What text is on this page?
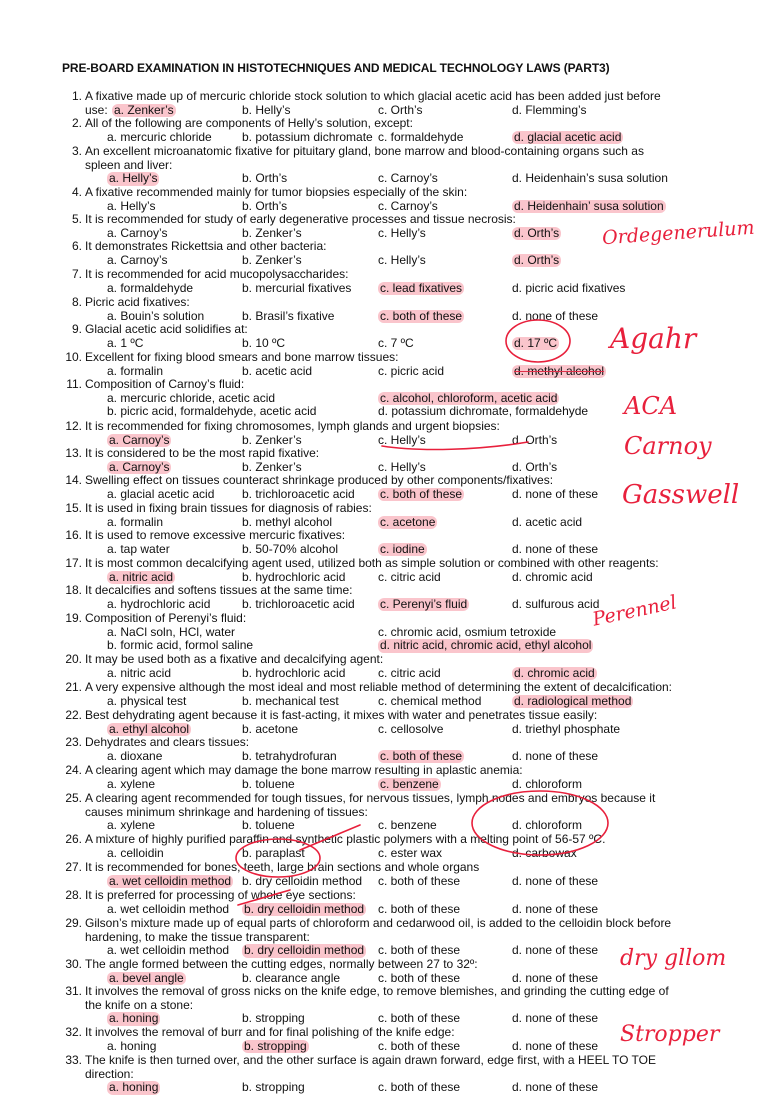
PRE-BOARD EXAMINATION IN HISTOTECHNIQUES AND MEDICAL TECHNOLOGY LAWS (PART3)
1. A fixative made up of mercuric chloride stock solution to which glacial acetic acid has been added just before
use: a. Zenker’s	b. Helly’s	c. Orth’s	d. Flemming’s
2. All of the following are components of Helly’s solution, except:
a. mercuric chloride	b. potassium dichromate c. formaldehyde	d. glacial acetic acid
3. An excellent microanatomic fixative for pituitary gland, bone marrow and blood-containing organs such as
spleen and liver:
a. Helly’s	b. Orth’s	c. Carnoy’s	d. Heidenhain’s susa solution
4. A fixative recommended mainly for tumor biopsies especially of the skin:
a. Helly’s	b. Orth’s	c. Carnoy’s	d. Heidenhain’ susa solution
5. It is recommended for study of early degenerative processes and tissue necrosis:
a. Carnoy’s	b. Zenker’s	c. Helly’s	d. Orth’s
6. It demonstrates Rickettsia and other bacteria:
a. Carnoy’s	b. Zenker’s	c. Helly’s	d. Orth’s
7. It is recommended for acid mucopolysaccharides:
a. formaldehyde	b. mercurial fixatives c. lead fixatives	d. picric acid fixatives
8. Picric acid fixatives:
a. Bouin’s solution	b. Brasil’s fixative	c. both of these	d. none of these
9. Glacial acetic acid solidifies at:
a. 1 ºC	b. 10 ºC	c. 7 ºC	d. 17 ºC
10. Excellent for fixing blood smears and bone marrow tissues:
a. formalin	b. acetic acid	c. picric acid	d. methyl alcohol
11. Composition of Carnoy’s fluid:
a. mercuric chloride, acetic acid	c. alcohol, chloroform, acetic acid
b. picric acid, formaldehyde, acetic acid	d. potassium dichromate, formaldehyde
12. It is recommended for fixing chromosomes, lymph glands and urgent biopsies:
a. Carnoy’s	b. Zenker’s	c. Helly’s	d. Orth’s
13. It is considered to be the most rapid fixative:
a. Carnoy’s	b. Zenker’s	c. Helly’s	d. Orth’s
14. Swelling effect on tissues counteract shrinkage produced by other components/fixatives:
a. glacial acetic acid b. trichloroacetic acid c. both of these	d. none of these
15. It is used in fixing brain tissues for diagnosis of rabies:
a. formalin	b. methyl alcohol	c. acetone	d. acetic acid
16. It is used to remove excessive mercuric fixatives:
a. tap water	b. 50-70% alcohol	c. iodine	d. none of these
17. It is most common decalcifying agent used, utilized both as simple solution or combined with other reagents:
a. nitric acid	b. hydrochloric acid	c. citric acid	d. chromic acid
18. It decalcifies and softens tissues at the same time:
a. hydrochloric acid	b. trichloroacetic acid c. Perenyi’s fluid	d. sulfurous acid
19. Composition of Perenyi’s fluid:
a. NaCl soln, HCl, water	c. chromic acid, osmium tetroxide
b. formic acid, formol saline	d. nitric acid, chromic acid, ethyl alcohol
20. It may be used both as a fixative and decalcifying agent:
a. nitric acid	b. hydrochloric acid	c. citric acid	d. chromic acid
21. A very expensive although the most ideal and most reliable method of determining the extent of decalcification:
a. physical test	b. mechanical test	c. chemical method	d. radiological method
22. Best dehydrating agent because it is fast-acting, it mixes with water and penetrates tissue easily:
a. ethyl alcohol	b. acetone	c. cellosolve	d. triethyl phosphate
23. Dehydrates and clears tissues:
a. dioxane	b. tetrahydrofuran	c. both of these	d. none of these
24. A clearing agent which may damage the bone marrow resulting in aplastic anemia:
a. xylene	b. toluene	c. benzene	d. chloroform
25. A clearing agent recommended for tough tissues, for nervous tissues, lymph nodes and embryos because it
causes minimum shrinkage and hardening of tissues:
a. xylene	b. toluene	c. benzene	d. chloroform
26. A mixture of highly purified paraffin and synthetic plastic polymers with a melting point of 56-57 ºC.
a. celloidin	b. paraplast	c. ester wax	d. carbowax
27. It is recommended for bones, teeth, large brain sections and whole organs
a. wet celloidin method b. dry celloidin method c. both of these	d. none of these
28. It is preferred for processing of whole eye sections:
a. wet celloidin method b. dry celloidin method c. both of these	d. none of these
29. Gilson’s mixture made up of equal parts of chloroform and cedarwood oil, is added to the celloidin block before
hardening, to make the tissue transparent:
a. wet celloidin method b. dry celloidin method c. both of these	d. none of these
30. The angle formed between the cutting edges, normally between 27 to 32º:
a. bevel angle	b. clearance angle	c. both of these	d. none of these
31. It involves the removal of gross nicks on the knife edge, to remove blemishes, and grinding the cutting edge of
the knife on a stone:
a. honing	b. stropping	c. both of these	d. none of these
32. It involves the removal of burr and for final polishing of the knife edge:
a. honing	b. stropping	c. both of these	d. none of these
33. The knife is then turned over, and the other surface is again drawn forward, edge first, with a HEEL TO TOE
direction:
a. honing	b. stropping	c. both of these	d. none of these
Ordegenerulum
Agahr
ACA
Carnoy
Gasswell
Perennel
dry gllom
Stropper
